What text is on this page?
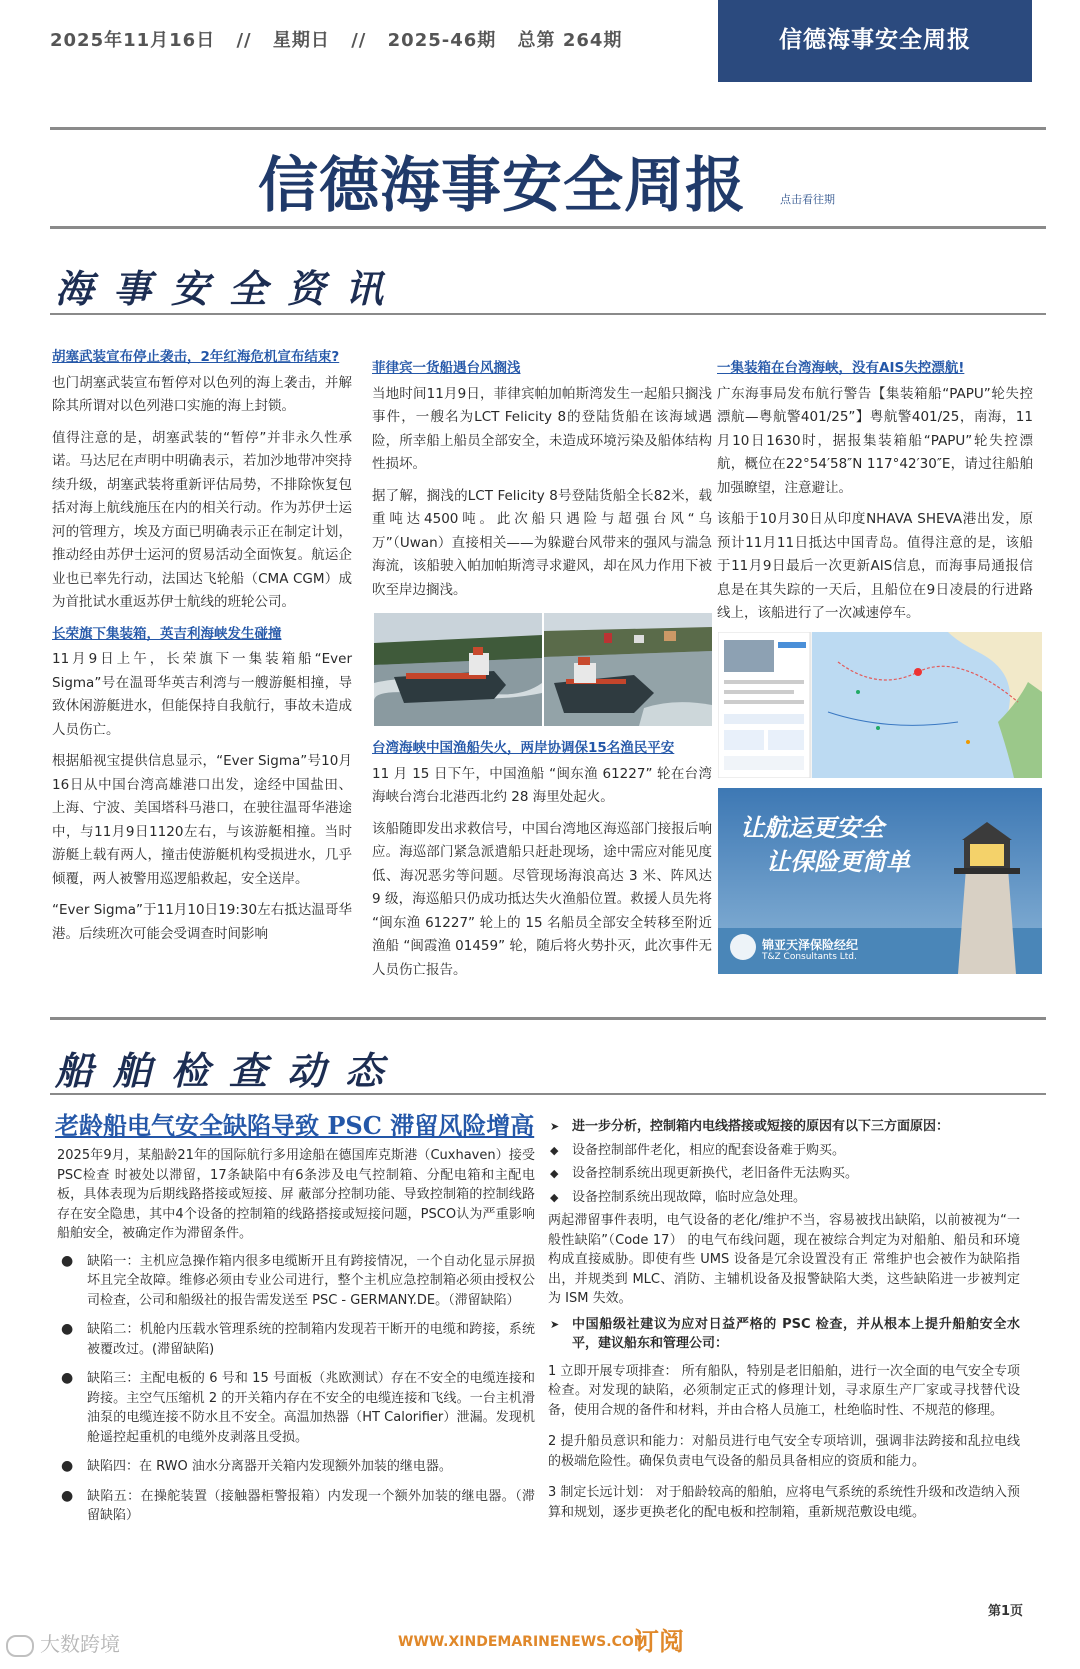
2025年11月16日 // 星期日 // 2025-46期 总第 264期	信德海事安全周报
信德海事安全周报	点击看往期
海事安全资讯
胡塞武装宣布停止袭击，2年红海危机宣布结束?

也门胡塞武装宣布暂停对以色列的海上袭击，并解除其所谓对以色列港口实施的海上封锁。

值得注意的是，胡塞武装的“暂停”并非永久性承诺。马达尼在声明中明确表示，若加沙地带冲突持续升级，胡塞武装将重新评估局势，不排除恢复包括对海上航线施压在内的相关行动。作为苏伊士运河的管理方，埃及方面已明确表示正在制定计划，推动经由苏伊士运河的贸易活动全面恢复。航运企业也已率先行动，法国达飞轮船（CMA CGM）成为首批试水重返苏伊士航线的班轮公司。

长荣旗下集装箱，英吉利海峡发生碰撞

11月9日上午，长荣旗下一集装箱船“Ever Sigma”号在温哥华英吉利湾与一艘游艇相撞，导致休闲游艇进水，但能保持自我航行，事故未造成人员伤亡。

根据船视宝提供信息显示，“Ever Sigma”号10月16日从中国台湾高雄港口出发，途经中国盐田、上海、宁波、美国塔科马港口，在驶往温哥华港途中，与11月9日1120左右，与该游艇相撞。当时游艇上载有两人，撞击使游艇机构受损进水，几乎倾覆，两人被警用巡逻船救起，安全送岸。

“Ever Sigma”于11月10日19:30左右抵达温哥华港。后续班次可能会受调查时间影响

菲律宾一货船遇台风搁浅

当地时间11月9日，菲律宾帕加帕斯湾发生一起船只搁浅事件，一艘名为LCT Felicity 8的登陆货船在该海域遇险，所幸船上船员全部安全，未造成环境污染及船体结构性损坏。

据了解，搁浅的LCT Felicity 8号登陆货船全长82米，载重吨达4500吨。此次船只遇险与超强台风“乌万”（Uwan）直接相关——为躲避台风带来的强风与湍急海流，该船驶入帕加帕斯湾寻求避风，却在风力作用下被吹至岸边搁浅。

台湾海峡中国渔船失火，两岸协调保15名渔民平安

11 月 15 日下午，中国渔船 “闽东渔 61227” 轮在台湾海峡台湾台北港西北约 28 海里处起火。

该船随即发出求救信号，中国台湾地区海巡部门接报后响应。海巡部门紧急派遣船只赶赴现场，途中需应对能见度低、海况恶劣等问题。尽管现场海浪高达 3 米、阵风达 9 级，海巡船只仍成功抵达失火渔船位置。救援人员先将 “闽东渔 61227” 轮上的 15 名船员全部安全转移至附近渔船 “闽霞渔 01459” 轮，随后将火势扑灭，此次事件无人员伤亡报告。

一集装箱在台湾海峡，没有AIS失控漂航!

广东海事局发布航行警告【集装箱船“PAPU”轮失控漂航—粤航警401/25”】粤航警401/25，南海，11月10日1630时，据报集装箱船“PAPU”轮失控漂航，概位在22°54′58″N 117°42′30″E，请过往船舶加强瞭望，注意避让。

该船于10月30日从印度NHAVA SHEVA港出发，原预计11月11日抵达中国青岛。值得注意的是，该船于11月9日最后一次更新AIS信息，而海事局通报信息是在其失踪的一天后，且船位在9日凌晨的行进路线上，该船进行了一次减速停车。

让航运更安全
让保险更简单
锦亚天泽保险经纪
T&Z Consultants Ltd.
船舶检查动态
老龄船电气安全缺陷导致 PSC 滞留风险增高

2025年9月，某船龄21年的国际航行多用途船在德国库克斯港（Cuxhaven）接受PSC检查 时被处以滞留，17条缺陷中有6条涉及电气控制箱、分配电箱和主配电板，具体表现为后期线路搭接或短接、屏 蔽部分控制功能、导致控制箱的控制线路存在安全隐患，其中4个设备的控制箱的线路搭接或短接问题，PSCO认为严重影响船舶安全，被确定作为滞留条件。

● 缺陷一：主机应急操作箱内很多电缆断开且有跨接情况，一个自动化显示屏损坏且完全故障。维修必须由专业公司进行，整个主机应急控制箱必须由授权公司检查，公司和船级社的报告需发送至 PSC - GERMANY.DE。（滞留缺陷）
● 缺陷二：机舱内压载水管理系统的控制箱内发现若干断开的电缆和跨接，系统被覆改过。(滞留缺陷)
● 缺陷三：主配电板的 6 号和 15 号面板（兆欧测试）存在不安全的电缆连接和跨接。主空气压缩机 2 的开关箱内存在不安全的电缆连接和飞线。一台主机滑油泵的电缆连接不防水且不安全。高温加热器（HT Calorifier）泄漏。发现机舱遥控起重机的电缆外皮剥落且受损。
● 缺陷四：在 RWO 油水分离器开关箱内发现额外加装的继电器。
● 缺陷五：在操舵装置（接触器柜警报箱）内发现一个额外加装的继电器。（滞留缺陷）
➤ 进一步分析，控制箱内电线搭接或短接的原因有以下三方面原因：
◆ 设备控制部件老化，相应的配套设备难于购买。
◆ 设备控制系统出现更新换代，老旧备件无法购买。
◆ 设备控制系统出现故障，临时应急处理。

两起滞留事件表明，电气设备的老化/维护不当，容易被找出缺陷，以前被视为“一般性缺陷”（Code 17） 的电气布线问题，现在被综合判定为对船舶、船员和环境构成直接威胁。即使有些 UMS 设备是冗余设置没有正 常维护也会被作为缺陷指出，并规类到 MLC、消防、主辅机设备及报警缺陷大类，这些缺陷进一步被判定为 ISM 失效。

➤ 中国船级社建议为应对日益严格的 PSC 检查，并从根本上提升船舶安全水平，建议船东和管理公司：

1 立即开展专项排查： 所有船队，特别是老旧船舶，进行一次全面的电气安全专项检查。对发现的缺陷，必须制定正式的修理计划，寻求原生产厂家或寻找替代设备，使用合规的备件和材料，并由合格人员施工，杜绝临时性、不规范的修理。

2 提升船员意识和能力：对船员进行电气安全专项培训，强调非法跨接和乱拉电线的极端危险性。确保负责电气设备的船员具备相应的资质和能力。

3 制定长远计划： 对于船龄较高的船舶，应将电气系统的系统性升级和改造纳入预算和规划，逐步更换老化的配电板和控制箱，重新规范敷设电缆。

第1页
WWW.XINDEMARINENEWS.COM
订阅
大数跨境
